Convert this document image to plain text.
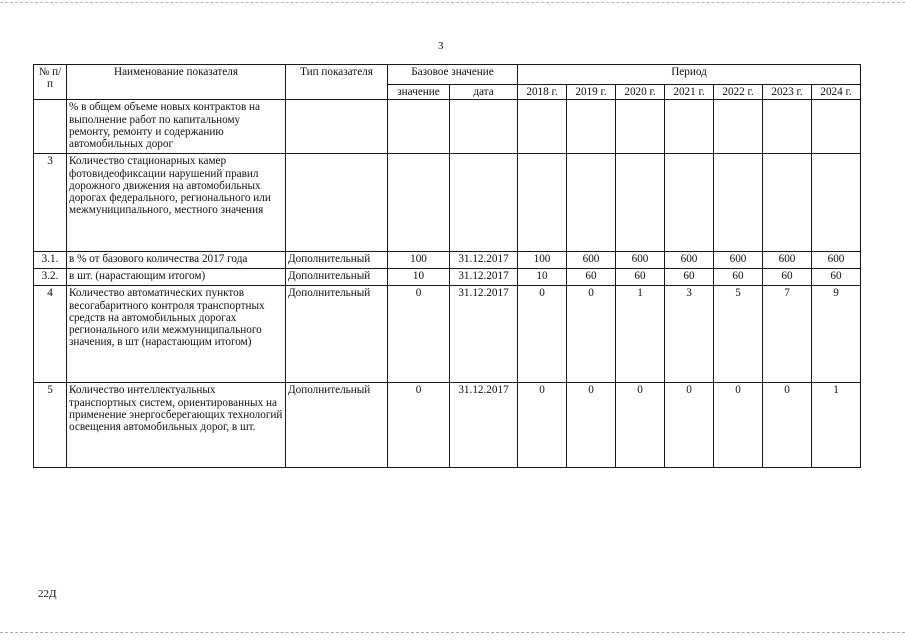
3
№ п/п	Наименование показателя	Тип показателя	Базовое значение		Период						
			значение	дата	2018 г.	2019 г.	2020 г.	2021 г.	2022 г.	2023 г.	2024 г.
	% в общем объеме новых контрактов на выполнение работ по капитальному ремонту, ремонту и содержанию автомобильных дорог										
3	Количество стационарных камер фотовидеофиксации нарушений правил дорожного движения на автомобильных дорогах федерального, регионального или межмуниципального, местного значения										
3.1.	в % от базового количества 2017 года	Дополнительный	100	31.12.2017	100	600	600	600	600	600	600
3.2.	в шт. (нарастающим итогом)	Дополнительный	10	31.12.2017	10	60	60	60	60	60	60
4	Количество автоматических пунктов весогабаритного контроля транспортных средств на автомобильных дорогах регионального или межмуниципального значения, в шт (нарастающим итогом)	Дополнительный	0	31.12.2017	0	0	1	3	5	7	9
5	Количество интеллектуальных транспортных систем, ориентированных на применение энергосберегающих технологий освещения автомобильных дорог, в шт.	Дополнительный	0	31.12.2017	0	0	0	0	0	0	1
22Д
